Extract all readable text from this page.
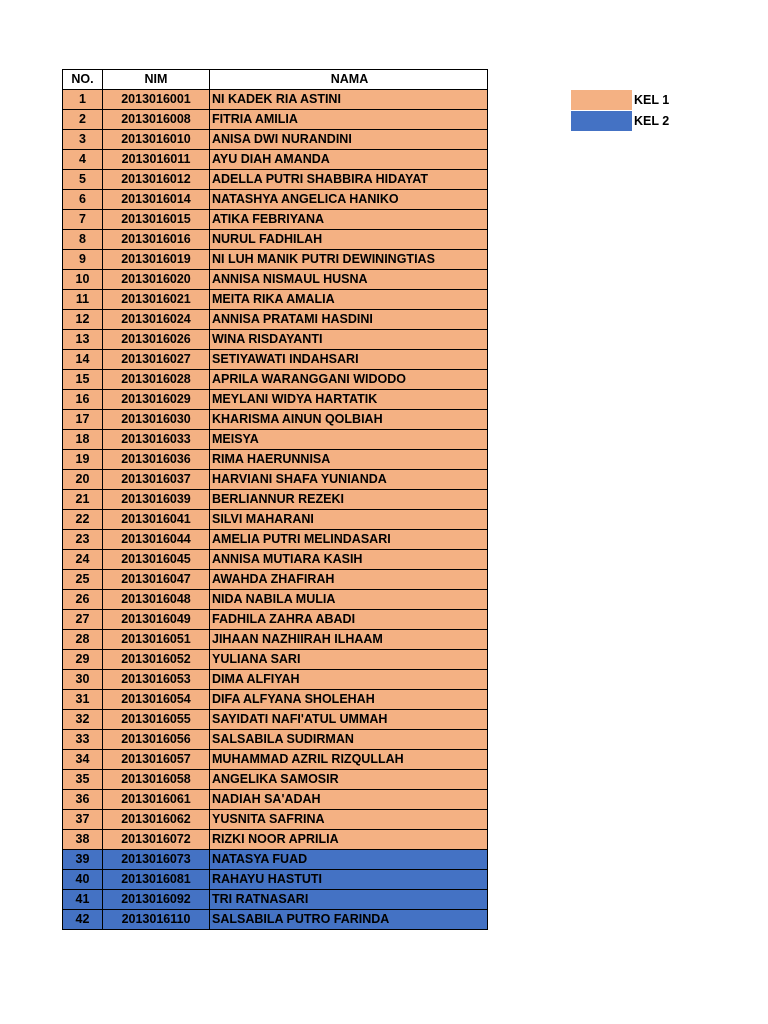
NO.	NIM	NAMA
1	2013016001	NI KADEK RIA ASTINI
2	2013016008	FITRIA AMILIA
3	2013016010	ANISA DWI NURANDINI
4	2013016011	AYU DIAH AMANDA
5	2013016012	ADELLA PUTRI SHABBIRA HIDAYAT
6	2013016014	NATASHYA ANGELICA HANIKO
7	2013016015	ATIKA FEBRIYANA
8	2013016016	NURUL FADHILAH
9	2013016019	NI LUH MANIK PUTRI DEWININGTIAS
10	2013016020	ANNISA NISMAUL HUSNA
11	2013016021	MEITA RIKA AMALIA
12	2013016024	ANNISA PRATAMI HASDINI
13	2013016026	WINA RISDAYANTI
14	2013016027	SETIYAWATI INDAHSARI
15	2013016028	APRILA WARANGGANI WIDODO
16	2013016029	MEYLANI WIDYA HARTATIK
17	2013016030	KHARISMA AINUN QOLBIAH
18	2013016033	MEISYA
19	2013016036	RIMA HAERUNNISA
20	2013016037	HARVIANI SHAFA YUNIANDA
21	2013016039	BERLIANNUR REZEKI
22	2013016041	SILVI MAHARANI
23	2013016044	AMELIA PUTRI MELINDASARI
24	2013016045	ANNISA MUTIARA KASIH
25	2013016047	AWAHDA ZHAFIRAH
26	2013016048	NIDA NABILA MULIA
27	2013016049	FADHILA ZAHRA ABADI
28	2013016051	JIHAAN NAZHIIRAH ILHAAM
29	2013016052	YULIANA SARI
30	2013016053	DIMA ALFIYAH
31	2013016054	DIFA ALFYANA SHOLEHAH
32	2013016055	SAYIDATI NAFI'ATUL UMMAH
33	2013016056	SALSABILA SUDIRMAN
34	2013016057	MUHAMMAD AZRIL RIZQULLAH
35	2013016058	ANGELIKA SAMOSIR
36	2013016061	NADIAH SA'ADAH
37	2013016062	YUSNITA SAFRINA
38	2013016072	RIZKI NOOR APRILIA
39	2013016073	NATASYA FUAD
40	2013016081	RAHAYU HASTUTI
41	2013016092	TRI RATNASARI
42	2013016110	SALSABILA PUTRO FARINDA
KEL 1
KEL 2
